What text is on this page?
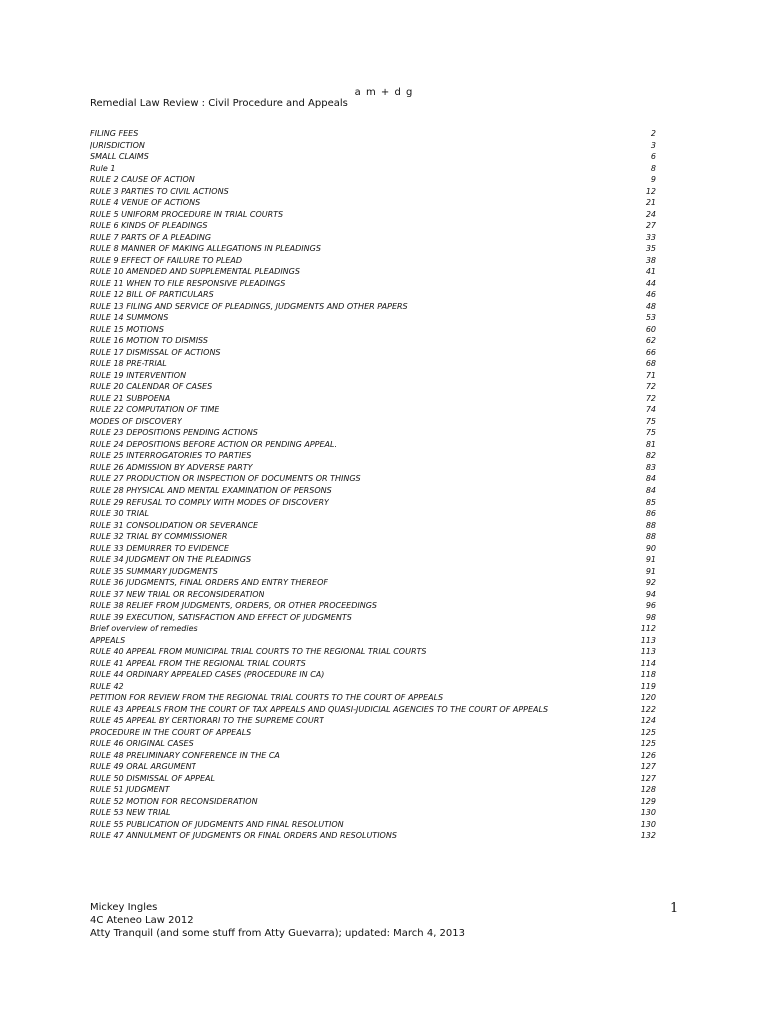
a m + d g
Remedial Law Review : Civil Procedure and Appeals
FILING FEES	2
JURISDICTION	3
SMALL CLAIMS	6
Rule 1	8
RULE 2 CAUSE OF ACTION	9
RULE 3 PARTIES TO CIVIL ACTIONS	12
RULE 4 VENUE OF ACTIONS	21
RULE 5 UNIFORM PROCEDURE IN TRIAL COURTS	24
RULE 6 KINDS OF PLEADINGS	27
RULE 7 PARTS OF A PLEADING	33
RULE 8 MANNER OF MAKING ALLEGATIONS IN PLEADINGS	35
RULE 9 EFFECT OF FAILURE TO PLEAD	38
RULE 10 AMENDED AND SUPPLEMENTAL PLEADINGS	41
RULE 11 WHEN TO FILE RESPONSIVE PLEADINGS	44
RULE 12 BILL OF PARTICULARS	46
RULE 13 FILING AND SERVICE OF PLEADINGS, JUDGMENTS AND OTHER PAPERS	48
RULE 14 SUMMONS	53
RULE 15 MOTIONS	60
RULE 16 MOTION TO DISMISS	62
RULE 17 DISMISSAL OF ACTIONS	66
RULE 18 PRE-TRIAL	68
RULE 19 INTERVENTION	71
RULE 20 CALENDAR OF CASES	72
RULE 21 SUBPOENA	72
RULE 22 COMPUTATION OF TIME	74
MODES OF DISCOVERY	75
RULE 23 DEPOSITIONS PENDING ACTIONS	75
RULE 24 DEPOSITIONS BEFORE ACTION OR PENDING APPEAL.	81
RULE 25 INTERROGATORIES TO PARTIES	82
RULE 26 ADMISSION BY ADVERSE PARTY	83
RULE 27 PRODUCTION OR INSPECTION OF DOCUMENTS OR THINGS	84
RULE 28 PHYSICAL AND MENTAL EXAMINATION OF PERSONS	84
RULE 29 REFUSAL TO COMPLY WITH MODES OF DISCOVERY	85
RULE 30 TRIAL	86
RULE 31 CONSOLIDATION OR SEVERANCE	88
RULE 32 TRIAL BY COMMISSIONER	88
RULE 33 DEMURRER TO EVIDENCE	90
RULE 34 JUDGMENT ON THE PLEADINGS	91
RULE 35 SUMMARY JUDGMENTS	91
RULE 36 JUDGMENTS, FINAL ORDERS AND ENTRY THEREOF	92
RULE 37 NEW TRIAL OR RECONSIDERATION	94
RULE 38 RELIEF FROM JUDGMENTS, ORDERS, OR OTHER PROCEEDINGS	96
RULE 39 EXECUTION, SATISFACTION AND EFFECT OF JUDGMENTS	98
Brief overview of remedies	112
APPEALS	113
RULE 40 APPEAL FROM MUNICIPAL TRIAL COURTS TO THE REGIONAL TRIAL COURTS	113
RULE 41 APPEAL FROM THE REGIONAL TRIAL COURTS	114
RULE 44 ORDINARY APPEALED CASES (PROCEDURE IN CA)	118
RULE 42	119
PETITION FOR REVIEW FROM THE REGIONAL TRIAL COURTS TO THE COURT OF APPEALS	120
RULE 43 APPEALS FROM THE COURT OF TAX APPEALS AND QUASI-JUDICIAL AGENCIES TO THE COURT OF APPEALS	122
RULE 45 APPEAL BY CERTIORARI TO THE SUPREME COURT	124
PROCEDURE IN THE COURT OF APPEALS	125
RULE 46 ORIGINAL CASES	125
RULE 48 PRELIMINARY CONFERENCE IN THE CA	126
RULE 49 ORAL ARGUMENT	127
RULE 50 DISMISSAL OF APPEAL	127
RULE 51 JUDGMENT	128
RULE 52 MOTION FOR RECONSIDERATION	129
RULE 53 NEW TRIAL	130
RULE 55 PUBLICATION OF JUDGMENTS AND FINAL RESOLUTION	130
RULE 47 ANNULMENT OF JUDGMENTS OR FINAL ORDERS AND RESOLUTIONS	132
Mickey Ingles
4C Ateneo Law 2012
Atty Tranquil (and some stuff from Atty Guevarra); updated: March 4, 2013
1
